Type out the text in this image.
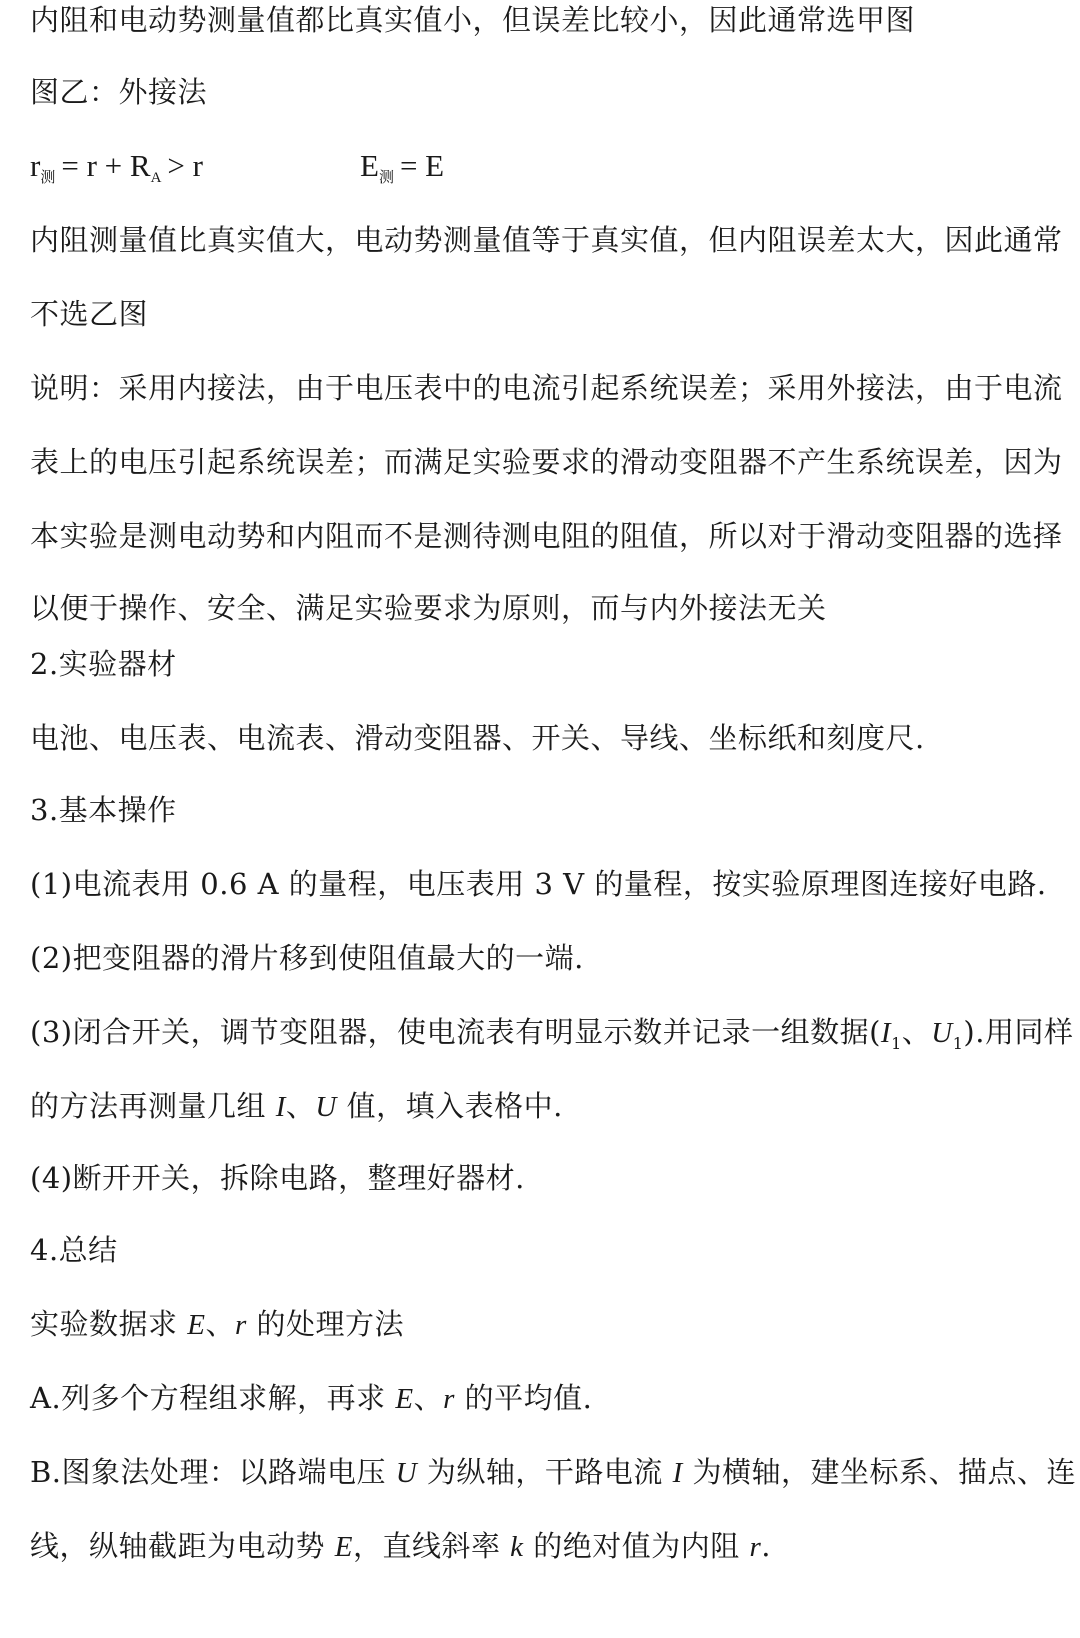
内阻和电动势测量值都比真实值小，但误差比较小，因此通常选甲图
图乙：外接法
$r_测 = r + R_A > r$	$E_测 = E$
内阻测量值比真实值大，电动势测量值等于真实值，但内阻误差太大，因此通常
不选乙图
说明：采用内接法，由于电压表中的电流引起系统误差；采用外接法，由于电流
表上的电压引起系统误差；而满足实验要求的滑动变阻器不产生系统误差，因为
本实验是测电动势和内阻而不是测待测电阻的阻值，所以对于滑动变阻器的选择
以便于操作、安全、满足实验要求为原则，而与内外接法无关
2.实验器材
电池、电压表、电流表、滑动变阻器、开关、导线、坐标纸和刻度尺.
3.基本操作
(1)电流表用 0.6 A 的量程，电压表用 3 V 的量程，按实验原理图连接好电路.
(2)把变阻器的滑片移到使阻值最大的一端.
(3)闭合开关，调节变阻器，使电流表有明显示数并记录一组数据($I_1$、$U_1$).用同样
的方法再测量几组 I、U 值，填入表格中.
(4)断开开关，拆除电路，整理好器材.
4.总结
实验数据求 E、r 的处理方法
A.列多个方程组求解，再求 E、r 的平均值.
B.图象法处理：以路端电压 U 为纵轴，干路电流 I 为横轴，建坐标系、描点、连
线，纵轴截距为电动势 E，直线斜率 k 的绝对值为内阻 r.
